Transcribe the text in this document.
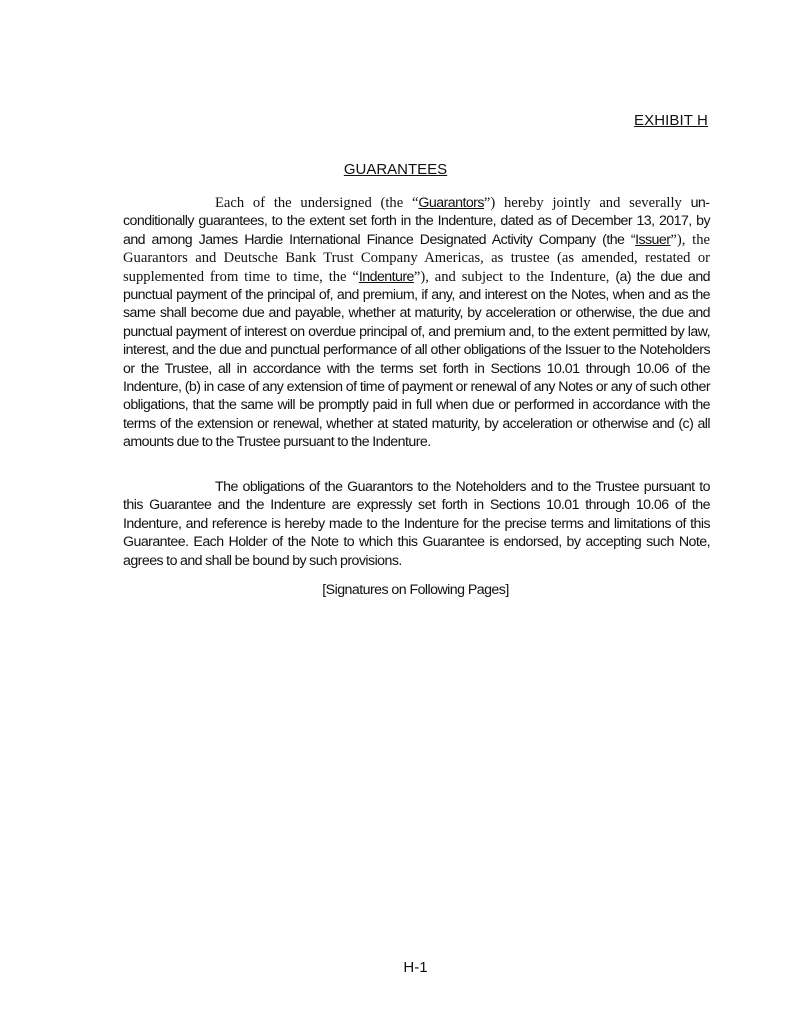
EXHIBIT H
GUARANTEES

Each of the undersigned (the “Guarantors”) hereby jointly and severally unconditionally guarantees, to the extent set forth in the Indenture, dated as of December 13, 2017, by and among James Hardie International Finance Designated Activity Company (the “Issuer”), the Guarantors and Deutsche Bank Trust Company Americas, as trustee (as amended, restated or supplemented from time to time, the “Indenture”), and subject to the Indenture, (a) the due and punctual payment of the principal of, and premium, if any, and interest on the Notes, when and as the same shall become due and payable, whether at maturity, by acceleration or otherwise, the due and punctual payment of interest on overdue principal of, and premium and, to the extent permitted by law, interest, and the due and punctual performance of all other obligations of the Issuer to the Noteholders or the Trustee, all in accordance with the terms set forth in Sections 10.01 through 10.06 of the Indenture, (b) in case of any extension of time of payment or renewal of any Notes or any of such other obligations, that the same will be promptly paid in full when due or performed in accordance with the terms of the extension or renewal, whether at stated maturity, by acceleration or otherwise and (c) all amounts due to the Trustee pursuant to the Indenture.

The obligations of the Guarantors to the Noteholders and to the Trustee pursuant to this Guarantee and the Indenture are expressly set forth in Sections 10.01 through 10.06 of the Indenture, and reference is hereby made to the Indenture for the precise terms and limitations of this Guarantee. Each Holder of the Note to which this Guarantee is endorsed, by accepting such Note, agrees to and shall be bound by such provisions.

[Signatures on Following Pages]
H-1
